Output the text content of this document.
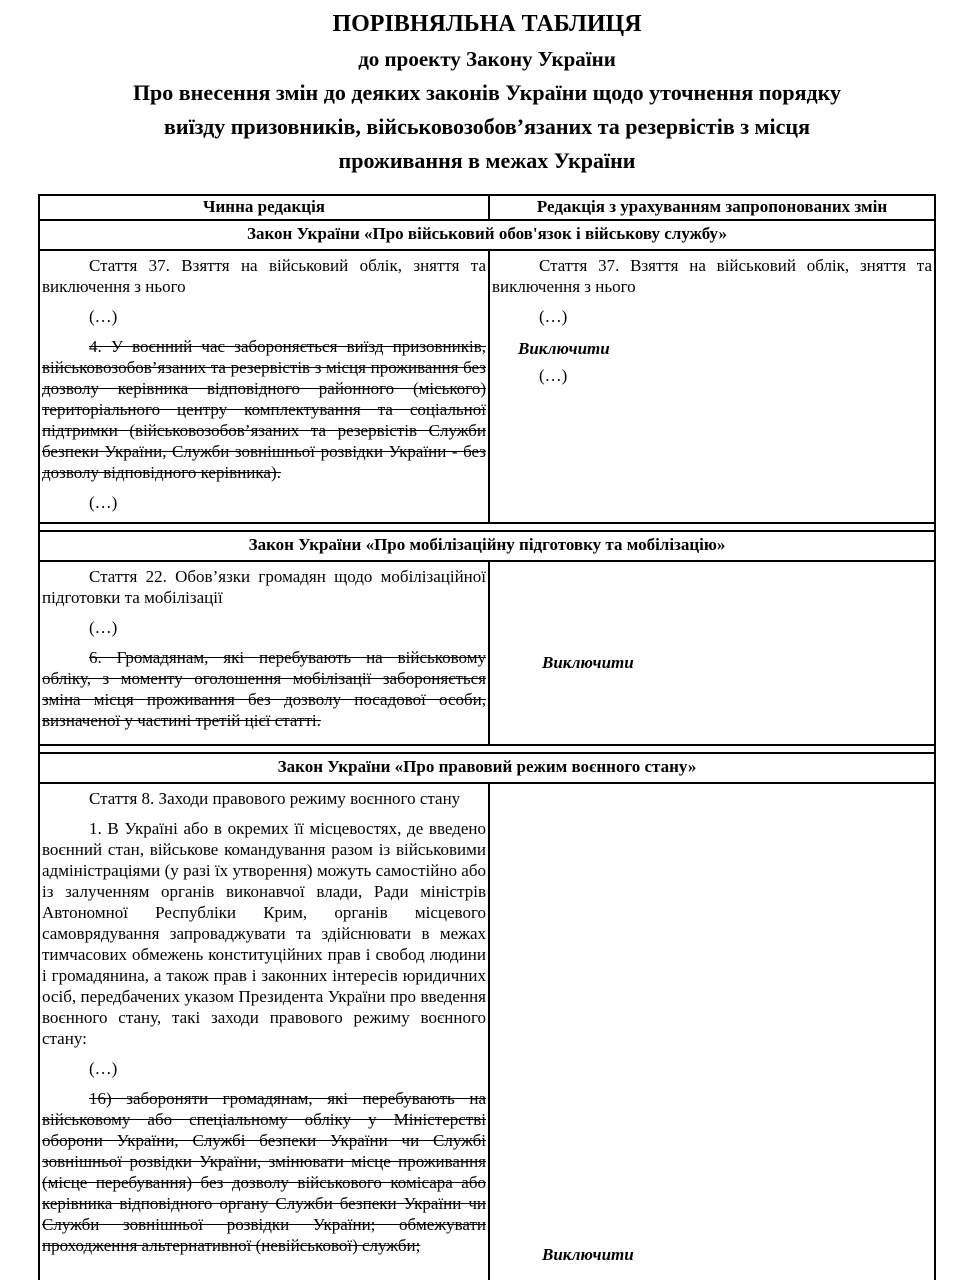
ПОРІВНЯЛЬНА ТАБЛИЦЯ
до проекту Закону України
Про внесення змін до деяких законів України щодо уточнення порядку
виїзду призовників, військовозобов’язаних та резервістів з місця
проживання в межах України
Чинна редакція	Редакція з урахуванням запропонованих змін
Закон України «Про військовий обов'язок і військову службу»

Стаття 37. Взяття на військовий облік, зняття та виключення з нього

(…)

4. У воєнний час забороняється виїзд призовників, військовозобов’язаних та резервістів з місця проживання без дозволу керівника відповідного районного (міського) територіального центру комплектування та соціальної підтримки (військовозобов’язаних та резервістів Служби безпеки України, Служби зовнішньої розвідки України - без дозволу відповідного керівника).

(…)

Стаття 37. Взяття на військовий облік, зняття та виключення з нього

(…)

Виключити

(…)

Закон України «Про мобілізаційну підготовку та мобілізацію»

Стаття 22. Обов’язки громадян щодо мобілізаційної підготовки та мобілізації

(…)

6. Громадянам, які перебувають на військовому обліку, з моменту оголошення мобілізації забороняється зміна місця проживання без дозволу посадової особи, визначеної у частині третій цієї статті.

Виключити

Закон України «Про правовий режим воєнного стану»

Стаття 8. Заходи правового режиму воєнного стану

1. В Україні або в окремих її місцевостях, де введено воєнний стан, військове командування разом із військовими адміністраціями (у разі їх утворення) можуть самостійно або із залученням органів виконавчої влади, Ради міністрів Автономної Республіки Крим, органів місцевого самоврядування запроваджувати та здійснювати в межах тимчасових обмежень конституційних прав і свобод людини і громадянина, а також прав і законних інтересів юридичних осіб, передбачених указом Президента України про введення воєнного стану, такі заходи правового режиму воєнного стану:

(…)

16) забороняти громадянам, які перебувають на військовому або спеціальному обліку у Міністерстві оборони України, Службі безпеки України чи Службі зовнішньої розвідки України, змінювати місце проживання (місце перебування) без дозволу військового комісара або керівника відповідного органу Служби безпеки України чи Служби зовнішньої розвідки України; обмежувати проходження альтернативної (невійськової) служби;	Виключити
